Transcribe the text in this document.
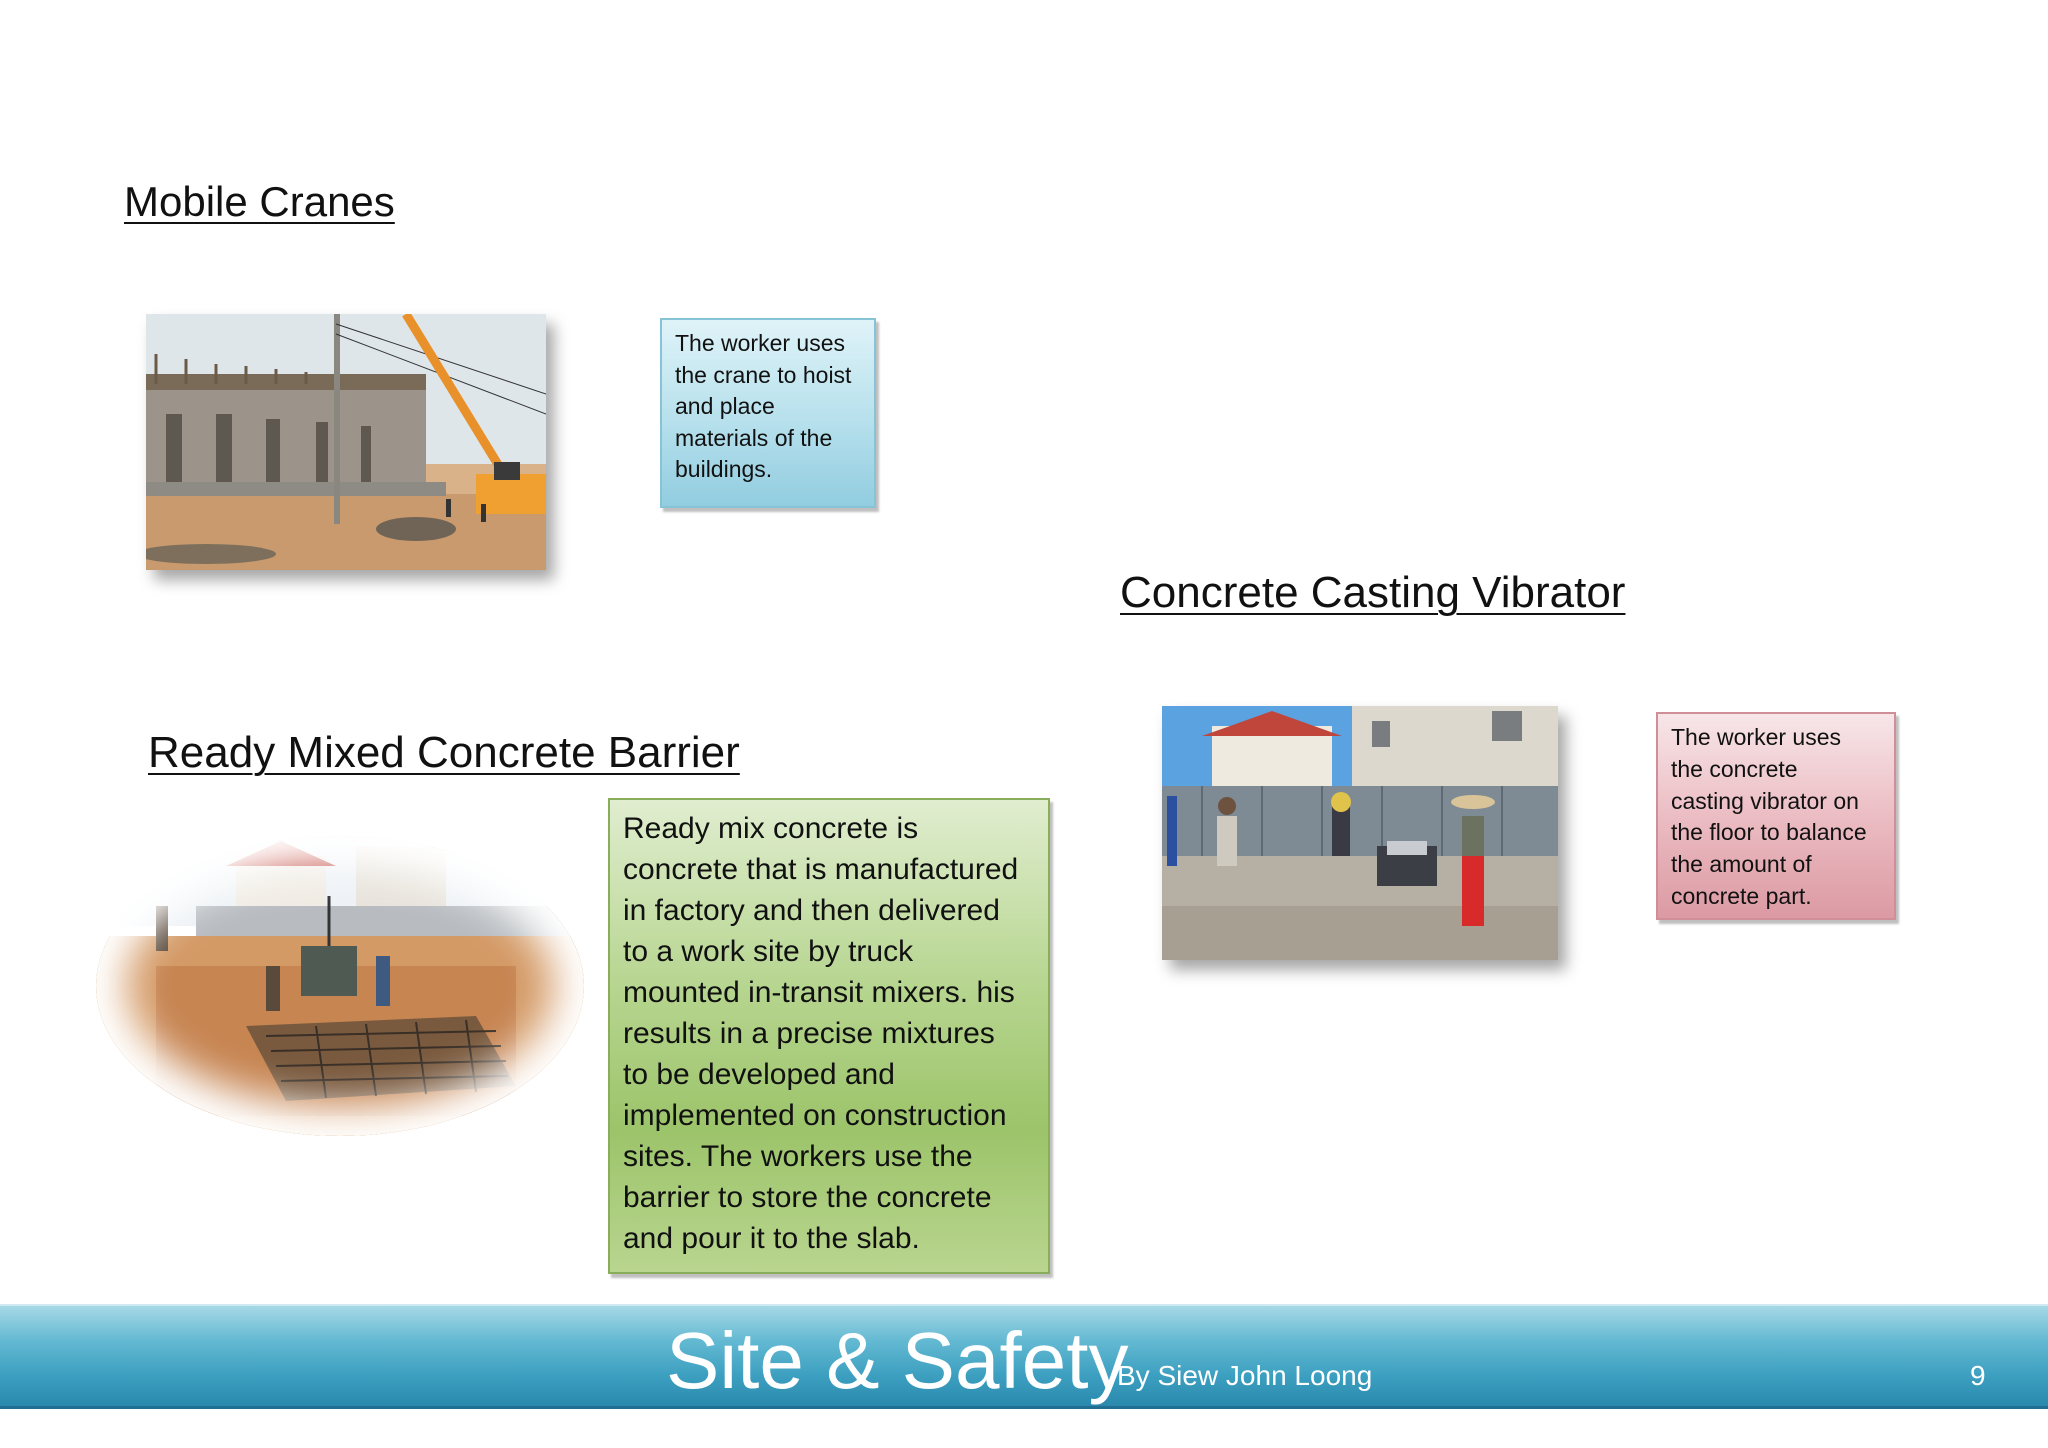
Mobile Cranes

The worker uses

the crane to hoist

and place

materials of the

buildings.

Concrete Casting Vibrator

The worker uses

the concrete

casting vibrator on

the floor to balance

the amount of

concrete part.

Ready Mixed Concrete Barrier

Ready mix concrete is

concrete that is manufactured

in factory and then delivered

to a work site by truck

mounted in-transit mixers. his

results in a precise mixtures

to be developed and

implemented on construction

sites. The workers use the

barrier to store the concrete

and pour it to the slab.

Site & Safety
By Siew John Loong	9
